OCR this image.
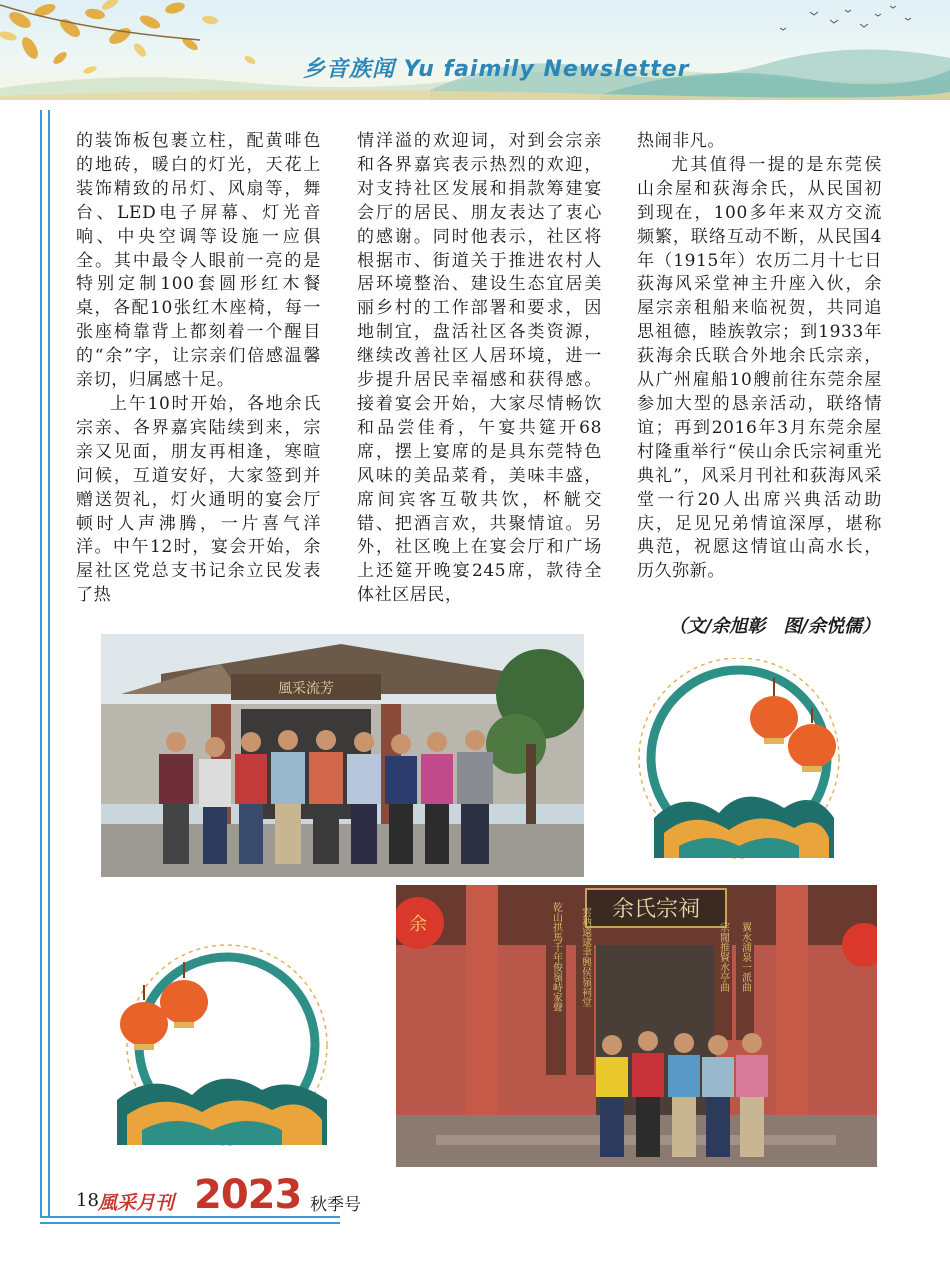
乡音族闻 Yu faimily Newsletter

的装饰板包裹立柱，配黄啡色的地砖，暖白的灯光，天花上装饰精致的吊灯、风扇等，舞台、LED电子屏幕、灯光音响、中央空调等设施一应俱全。其中最令人眼前一亮的是特别定制100套圆形红木餐桌，各配10张红木座椅，每一张座椅靠背上都刻着一个醒目的“余”字，让宗亲们倍感温馨亲切，归属感十足。

上午10时开始，各地余氏宗亲、各界嘉宾陆续到来，宗亲又见面，朋友再相逢，寒暄问候，互道安好，大家签到并赠送贺礼，灯火通明的宴会厅顿时人声沸腾，一片喜气洋洋。中午12时，宴会开始，余屋社区党总支书记余立民发表了热

情洋溢的欢迎词，对到会宗亲和各界嘉宾表示热烈的欢迎，对支持社区发展和捐款筹建宴会厅的居民、朋友表达了衷心的感谢。同时他表示，社区将根据市、街道关于推进农村人居环境整治、建设生态宜居美丽乡村的工作部署和要求，因地制宜，盘活社区各类资源，继续改善社区人居环境，进一步提升居民幸福感和获得感。接着宴会开始，大家尽情畅饮和品尝佳肴，午宴共筵开68席，摆上宴席的是具东莞特色风味的美品菜肴，美味丰盛，席间宾客互敬共饮，杯觥交错、把酒言欢，共聚情谊。另外，社区晚上在宴会厅和广场上还筵开晚宴245席，款待全体社区居民，

热闹非凡。

尤其值得一提的是东莞侯山余屋和荻海余氏，从民国初到现在，100多年来双方交流频繁，联络互动不断，从民国4年（1915年）农历二月十七日荻海风采堂神主升座入伙，余屋宗亲租船来临祝贺，共同追思祖德，睦族敦宗；到1933年荻海余氏联合外地余氏宗亲，从广州雇船10艘前往东莞余屋参加大型的恳亲活动，联络情谊；再到2016年3月东莞余屋村隆重举行“侯山余氏宗祠重光典礼”，风采月刊社和荻海风采堂一行20人出席兴典活动助庆，足见兄弟情谊深厚，堪称典范，祝愿这情谊山高水长，历久弥新。

（文/余旭彰　图/余悦儒）
風采流芳
余氏宗祠
余	乾山拱馬千年俊嶺峙家聲 雲衲遠逮聿興侯嶺祠堂	宗閥推賢水亭曲 翼水浦泉一派曲
18 風采月刊 2023 秋季号
